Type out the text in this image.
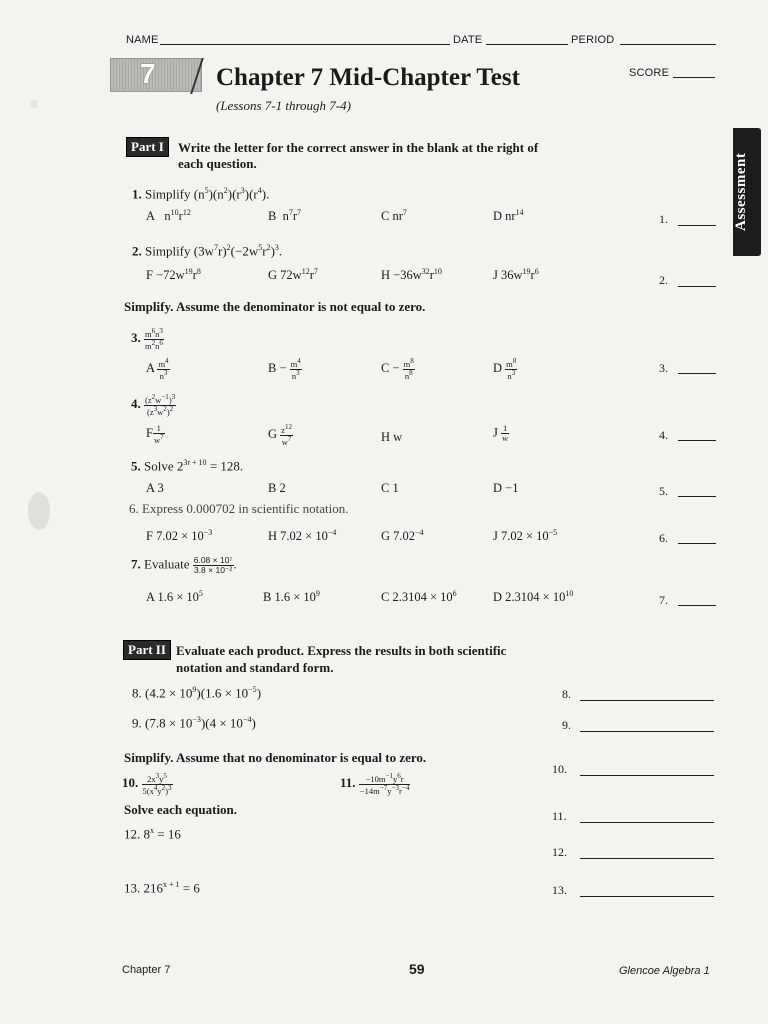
NAME	DATE	PERIOD
7 Chapter 7 Mid-Chapter Test
(Lessons 7-1 through 7-4)
SCORE
Assessment
Part I	Write the letter for the correct answer in the blank at the right of
each question.
1. Simplify $(n^5)(n^2)(r^3)(r^4)$.
A   $n^{10}r^{12}$	B  $n^7r^7$	C $nr^7$	D $nr^{14}$	1.
2. Simplify $(3w^7r)^2(-2w^5r^2)^3$.
$F -72w^{19}r^8$	G $72w^{12}r^7$	$H -36w^{32}r^{10}$	J $36w^{19}r^6$
2.
Simplify. Assume the denominator is not equal to zero.
3. $\frac{m^6n^3}{m^2n^6}$
A $\frac{m^4}{n^3}$	$B - \frac{m^4}{n^3}$	$C - \frac{m^8}{n^8}$	D $\frac{m^8}{n^3}$	3.
4. $\frac{(z^2w^{-1})^3}{(z^3w^2)^2}$
F $\frac{1}{w^7}$	G $\frac{z^{12}}{w^7}$	H w	J $\frac{1}{w}$	4.
5. Solve $2^{3r + 10} = 128$.
A 3	B 2	C 1	D −1	5.
6. Express 0.000702 in scientific notation.
F $7.02 \times 10^{-3}$	H $7.02 \times 10^{-4}$	G $7.02^{-4}$	J $7.02 \times 10^{-5}$	6.
7. Evaluate $\frac{\text{6.08 × 10⁷}}{\text{3.8 × 10⁻²}}$ .
A $1.6 \times 10^5$	B $1.6 \times 10^9$	C $2.3104 \times 10^6$	D $2.3104 \times 10^{10}$	7.
Part II Evaluate each product. Express the results in both scientific
notation and standard form.
8. $(4.2 \times 10^9)(1.6 \times 10^{-5})$	8.
9. $(7.8 \times 10^{-3})(4 \times 10^{-4})$	9.
Simplify. Assume that no denominator is equal to zero.
10. $\frac{2x^3y^5}{5(x^4y^2)^3}$	11. $\frac{-10m^{-1}y^6r}{-14m^{-7}y^{-3}r^{-4}}$
10.
Solve each equation.	11.
12. $8^x = 16$
12.
13. $216^{x + 1} = 6$	13.
Chapter 7	59	Glencoe Algebra 1
